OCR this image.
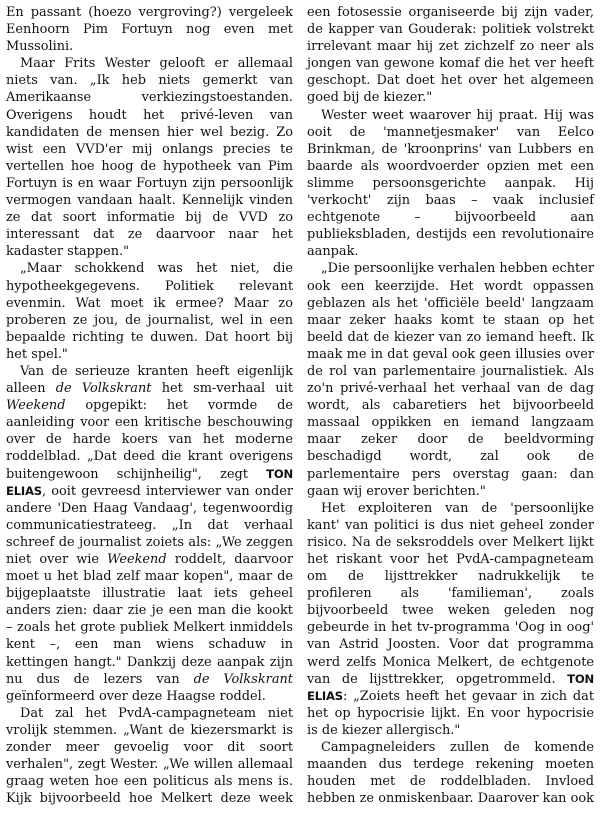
En passant (hoezo vergroving?) vergeleek Eenhoorn Pim Fortuyn nog even met Mussolini.

Maar Frits Wester gelooft er allemaal niets van. „Ik heb niets gemerkt van Amerikaanse verkiezingstoestanden. Overigens houdt het privé-leven van kandidaten de mensen hier wel bezig. Zo wist een VVD'er mij onlangs precies te vertellen hoe hoog de hypotheek van Pim Fortuyn is en waar Fortuyn zijn persoonlijk vermogen vandaan haalt. Kennelijk vinden ze dat soort informatie bij de VVD zo interessant dat ze daarvoor naar het kadaster stappen."

„Maar schokkend was het niet, die hypotheekgegevens. Politiek relevant evenmin. Wat moet ik ermee? Maar zo proberen ze jou, de journalist, wel in een bepaalde richting te duwen. Dat hoort bij het spel."

Van de serieuze kranten heeft eigenlijk alleen de Volkskrant het sm-verhaal uit Weekend opgepikt: het vormde de aanleiding voor een kritische beschouwing over de harde koers van het moderne roddelblad. „Dat deed die krant overigens buitengewoon schijnheilig", zegt TON ELIAS, ooit gevreesd interviewer van onder andere 'Den Haag Vandaag', tegenwoordig communicatiestrateeg. „In dat verhaal schreef de journalist zoiets als: „We zeggen niet over wie Weekend roddelt, daarvoor moet u het blad zelf maar kopen", maar de bijgeplaatste illustratie laat iets geheel anders zien: daar zie je een man die kookt – zoals het grote publiek Melkert inmiddels kent –, een man wiens schaduw in kettingen hangt." Dankzij deze aanpak zijn nu dus de lezers van de Volkskrant geïnformeerd over deze Haagse roddel.

Dat zal het PvdA-campagneteam niet vrolijk stemmen. „Want de kiezersmarkt is zonder meer gevoelig voor dit soort verhalen", zegt Wester. „We willen allemaal graag weten hoe een politicus als mens is. Kijk bijvoorbeeld hoe Melkert deze week

een fotosessie organiseerde bij zijn vader, de kapper van Gouderak: politiek volstrekt irrelevant maar hij zet zichzelf zo neer als jongen van gewone komaf die het ver heeft geschopt. Dat doet het over het algemeen goed bij de kiezer."

Wester weet waarover hij praat. Hij was ooit de 'mannetjesmaker' van Eelco Brinkman, de 'kroonprins' van Lubbers en baarde als woordvoerder opzien met een slimme persoonsgerichte aanpak. Hij 'verkocht' zijn baas – vaak inclusief echtgenote – bijvoorbeeld aan publieksbladen, destijds een revolutionaire aanpak.

„Die persoonlijke verhalen hebben echter ook een keerzijde. Het wordt oppassen geblazen als het 'officiële beeld' langzaam maar zeker haaks komt te staan op het beeld dat de kiezer van zo iemand heeft. Ik maak me in dat geval ook geen illusies over de rol van parlementaire journalistiek. Als zo'n privé-verhaal het verhaal van de dag wordt, als cabaretiers het bijvoorbeeld massaal oppikken en iemand langzaam maar zeker door de beeldvorming beschadigd wordt, zal ook de parlementaire pers overstag gaan: dan gaan wij erover berichten."

Het exploiteren van de 'persoonlijke kant' van politici is dus niet geheel zonder risico. Na de seksroddels over Melkert lijkt het riskant voor het PvdA-campagneteam om de lijsttrekker nadrukkelijk te profileren als 'familieman', zoals bijvoorbeeld twee weken geleden nog gebeurde in het tv-programma 'Oog in oog' van Astrid Joosten. Voor dat programma werd zelfs Monica Melkert, de echtgenote van de lijsttrekker, opgetrommeld. TON ELIAS: „Zoiets heeft het gevaar in zich dat het op hypocrisie lijkt. En voor hypocrisie is de kiezer allergisch."

Campagneleiders zullen de komende maanden dus terdege rekening moeten houden met de roddelbladen. Invloed hebben ze onmiskenbaar. Daarover kan ook
